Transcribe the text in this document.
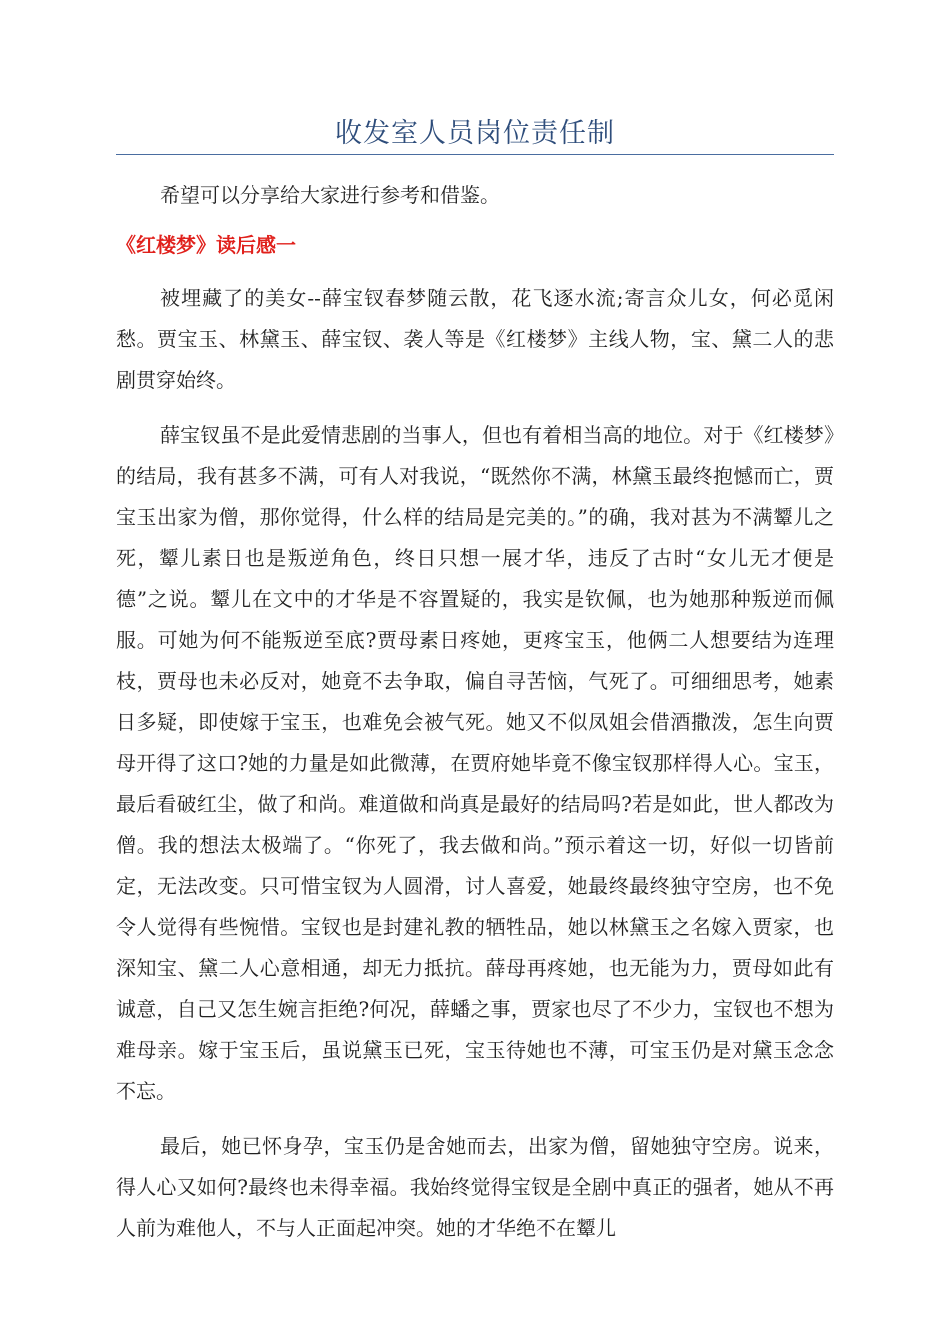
收发室人员岗位责任制
希望可以分享给大家进行参考和借鉴。
《红楼梦》读后感一

被埋藏了的美女--薛宝钗春梦随云散，花飞逐水流;寄言众儿女，何必觅闲愁。贾宝玉、林黛玉、薛宝钗、袭人等是《红楼梦》主线人物，宝、黛二人的悲剧贯穿始终。

薛宝钗虽不是此爱情悲剧的当事人，但也有着相当高的地位。对于《红楼梦》的结局，我有甚多不满，可有人对我说，“既然你不满，林黛玉最终抱憾而亡，贾宝玉出家为僧，那你觉得，什么样的结局是完美的。”的确，我对甚为不满颦儿之死，颦儿素日也是叛逆角色，终日只想一展才华，违反了古时“女儿无才便是德”之说。颦儿在文中的才华是不容置疑的，我实是钦佩，也为她那种叛逆而佩服。可她为何不能叛逆至底?贾母素日疼她，更疼宝玉，他俩二人想要结为连理枝，贾母也未必反对，她竟不去争取，偏自寻苦恼，气死了。可细细思考，她素日多疑，即使嫁于宝玉，也难免会被气死。她又不似凤姐会借酒撒泼，怎生向贾母开得了这口?她的力量是如此微薄，在贾府她毕竟不像宝钗那样得人心。宝玉，最后看破红尘，做了和尚。难道做和尚真是最好的结局吗?若是如此，世人都改为僧。我的想法太极端了。“你死了，我去做和尚。”预示着这一切，好似一切皆前定，无法改变。只可惜宝钗为人圆滑，讨人喜爱，她最终最终独守空房，也不免令人觉得有些惋惜。宝钗也是封建礼教的牺牲品，她以林黛玉之名嫁入贾家，也深知宝、黛二人心意相通，却无力抵抗。薛母再疼她，也无能为力，贾母如此有诚意，自己又怎生婉言拒绝?何况，薛蟠之事，贾家也尽了不少力，宝钗也不想为难母亲。嫁于宝玉后，虽说黛玉已死，宝玉待她也不薄，可宝玉仍是对黛玉念念不忘。

最后，她已怀身孕，宝玉仍是舍她而去，出家为僧，留她独守空房。说来，得人心又如何?最终也未得幸福。我始终觉得宝钗是全剧中真正的强者，她从不再人前为难他人，不与人正面起冲突。她的才华绝不在颦儿
